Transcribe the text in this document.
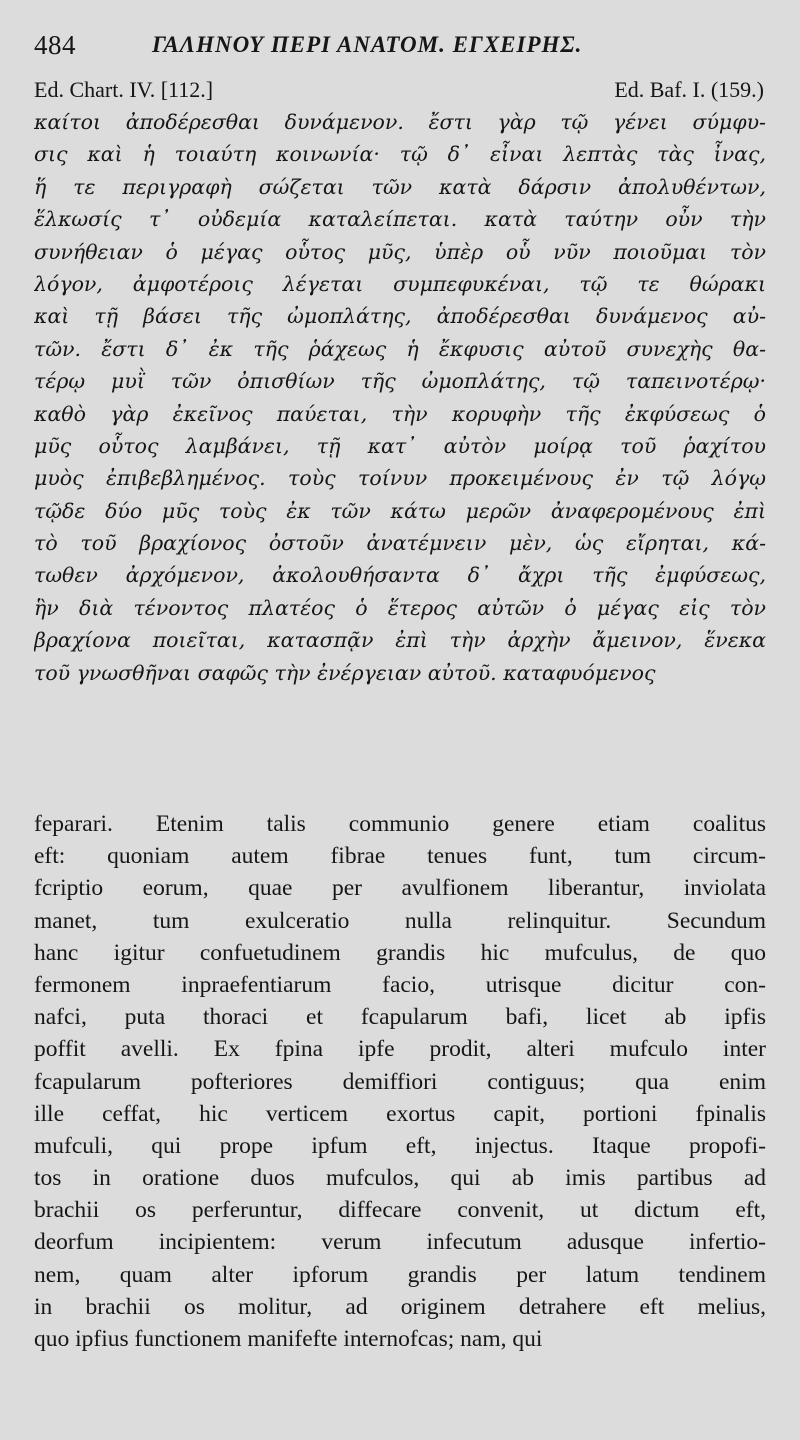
484	ΓΑΛΗΝΟΥ ΠΕΡΙ ΑΝΑΤΟΜ. ΕΓΧΕΙΡΗΣ.
Ed. Chart. IV. [112.]	Ed. Baf. I. (159.)
καίτοι ἀποδέρεσθαι δυνάμενον. ἔστι γὰρ τῷ γένει σύμφυ-
σις καὶ ἡ τοιαύτη κοινωνία· τῷ δ᾽ εἶναι λεπτὰς τὰς ἶνας,
ἥ τε περιγραφὴ σώζεται τῶν κατὰ δάρσιν ἀπολυθέντων,
ἕλκωσίς τ᾽ οὐδεμία καταλείπεται. κατὰ ταύτην οὖν τὴν
συνήθειαν ὁ μέγας οὗτος μῦς, ὑπὲρ οὗ νῦν ποιοῦμαι τὸν
λόγον, ἀμφοτέροις λέγεται συμπεφυκέναι, τῷ τε θώρακι
καὶ τῇ βάσει τῆς ὠμοπλάτης, ἀποδέρεσθαι δυνάμενος αὐ-
τῶν. ἔστι δ᾽ ἐκ τῆς ῥάχεως ἡ ἔκφυσις αὐτοῦ συνεχὴς θα-
τέρῳ μυῒ τῶν ὀπισθίων τῆς ὠμοπλάτης, τῷ ταπεινοτέρῳ·
καθὸ γὰρ ἐκεῖνος παύεται, τὴν κορυφὴν τῆς ἐκφύσεως ὁ
μῦς οὗτος λαμβάνει, τῇ κατ᾽ αὐτὸν μοίρᾳ τοῦ ῥαχίτου
μυὸς ἐπιβεβλημένος. τοὺς τοίνυν προκειμένους ἐν τῷ λόγῳ
τῷδε δύο μῦς τοὺς ἐκ τῶν κάτω μερῶν ἀναφερομένους ἐπὶ
τὸ τοῦ βραχίονος ὀστοῦν ἀνατέμνειν μὲν, ὡς εἴρηται, κά-
τωθεν ἀρχόμενον, ἀκολουθήσαντα δ᾽ ἄχρι τῆς ἐμφύσεως,
ἣν διὰ τένοντος πλατέος ὁ ἕτερος αὐτῶν ὁ μέγας εἰς τὸν
βραχίονα ποιεῖται, κατασπᾷν ἐπὶ τὴν ἀρχὴν ἄμεινον, ἕνεκα
τοῦ γνωσθῆναι σαφῶς τὴν ἐνέργειαν αὐτοῦ. καταφυόμενος
feparari. Etenim talis communio genere etiam coalitus
eft: quoniam autem fibrae tenues funt, tum circum-
fcriptio eorum, quae per avulfionem liberantur, inviolata
manet, tum exulceratio nulla relinquitur. Secundum
hanc igitur confuetudinem grandis hic mufculus, de quo
fermonem inpraefentiarum facio, utrisque dicitur con-
nafci, puta thoraci et fcapularum bafi, licet ab ipfis
poffit avelli. Ex fpina ipfe prodit, alteri mufculo inter
fcapularum pofteriores demiffiori contiguus; qua enim
ille ceffat, hic verticem exortus capit, portioni fpinalis
mufculi, qui prope ipfum eft, injectus. Itaque propofi-
tos in oratione duos mufculos, qui ab imis partibus ad
brachii os perferuntur, diffecare convenit, ut dictum eft,
deorfum incipientem: verum infecutum adusque infertio-
nem, quam alter ipforum grandis per latum tendinem
in brachii os molitur, ad originem detrahere eft melius,
quo ipfius functionem manifefte internofcas; nam, qui
